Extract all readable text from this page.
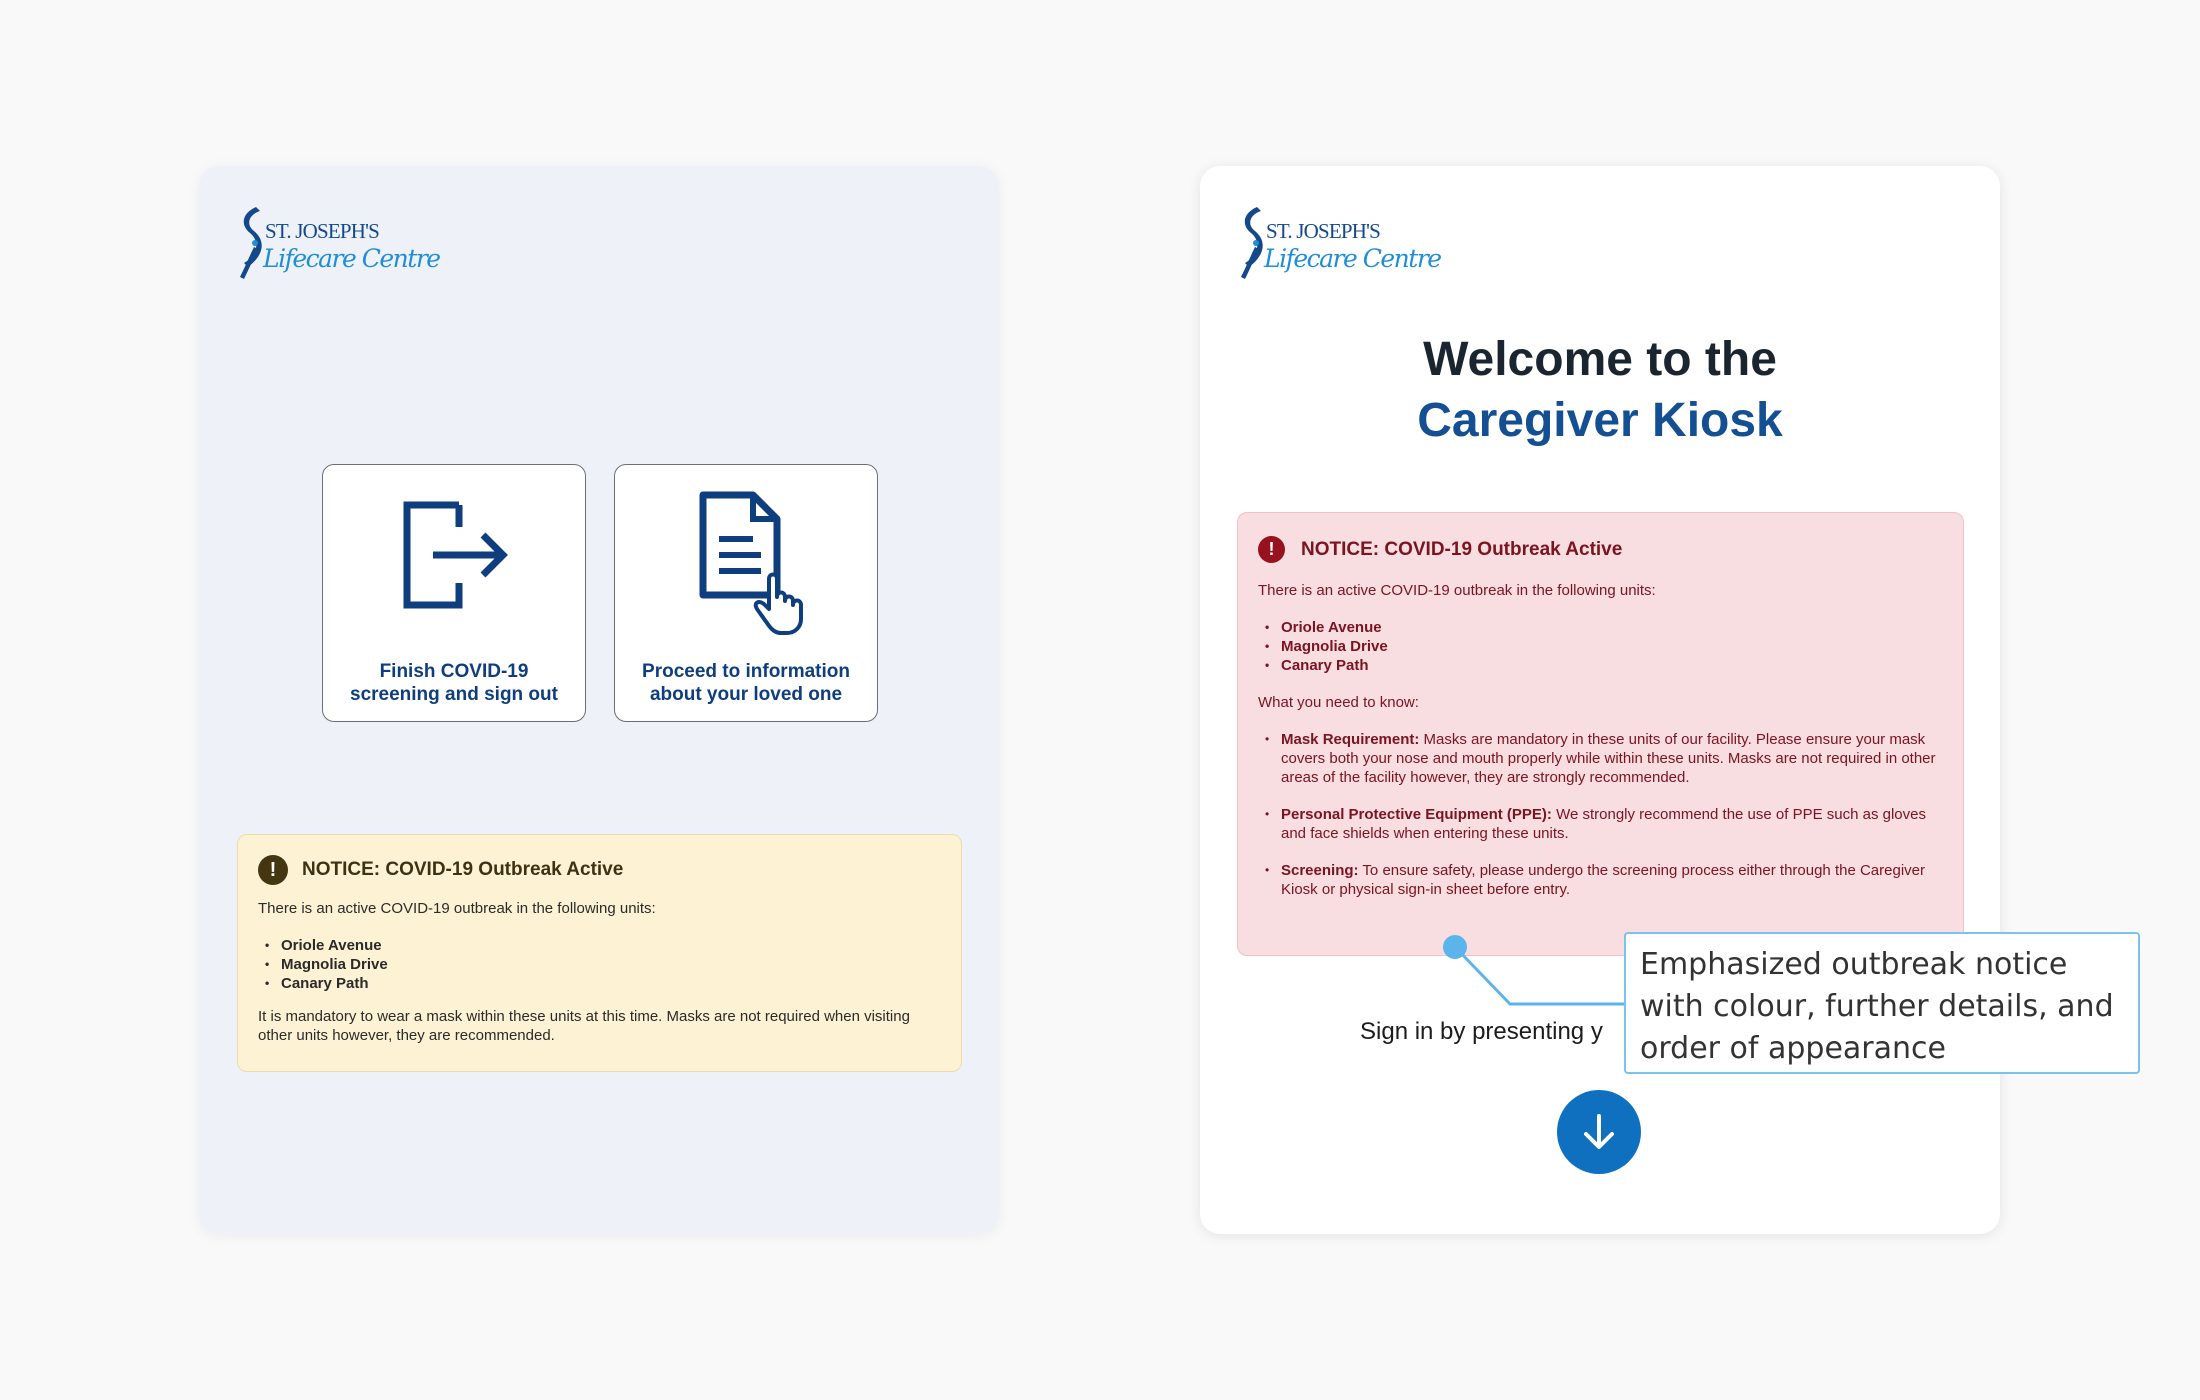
ST. JOSEPH'S
Lifecare Centre
Finish COVID-19 screening and sign out
Proceed to information about your loved one
!	NOTICE: COVID-19 Outbreak Active

There is an active COVID-19 outbreak in the following units:

• Oriole Avenue
• Magnolia Drive
• Canary Path

It is mandatory to wear a mask within these units at this time. Masks are not required when visiting other units however, they are recommended.

ST. JOSEPH'S
Lifecare Centre
Welcome to the
Caregiver Kiosk
!	NOTICE: COVID-19 Outbreak Active

There is an active COVID-19 outbreak in the following units:

• Oriole Avenue
• Magnolia Drive
• Canary Path

What you need to know:

• Mask Requirement: Masks are mandatory in these units of our facility. Please ensure your mask covers both your nose and mouth properly while within these units. Masks are not required in other areas of the facility however, they are strongly recommended.
• Personal Protective Equipment (PPE): We strongly recommend the use of PPE such as gloves and face shields when entering these units.
• Screening: To ensure safety, please undergo the screening process either through the Caregiver Kiosk or physical sign-in sheet before entry.
Sign in by presenting y
Emphasized outbreak notice with colour, further details, and order of appearance
